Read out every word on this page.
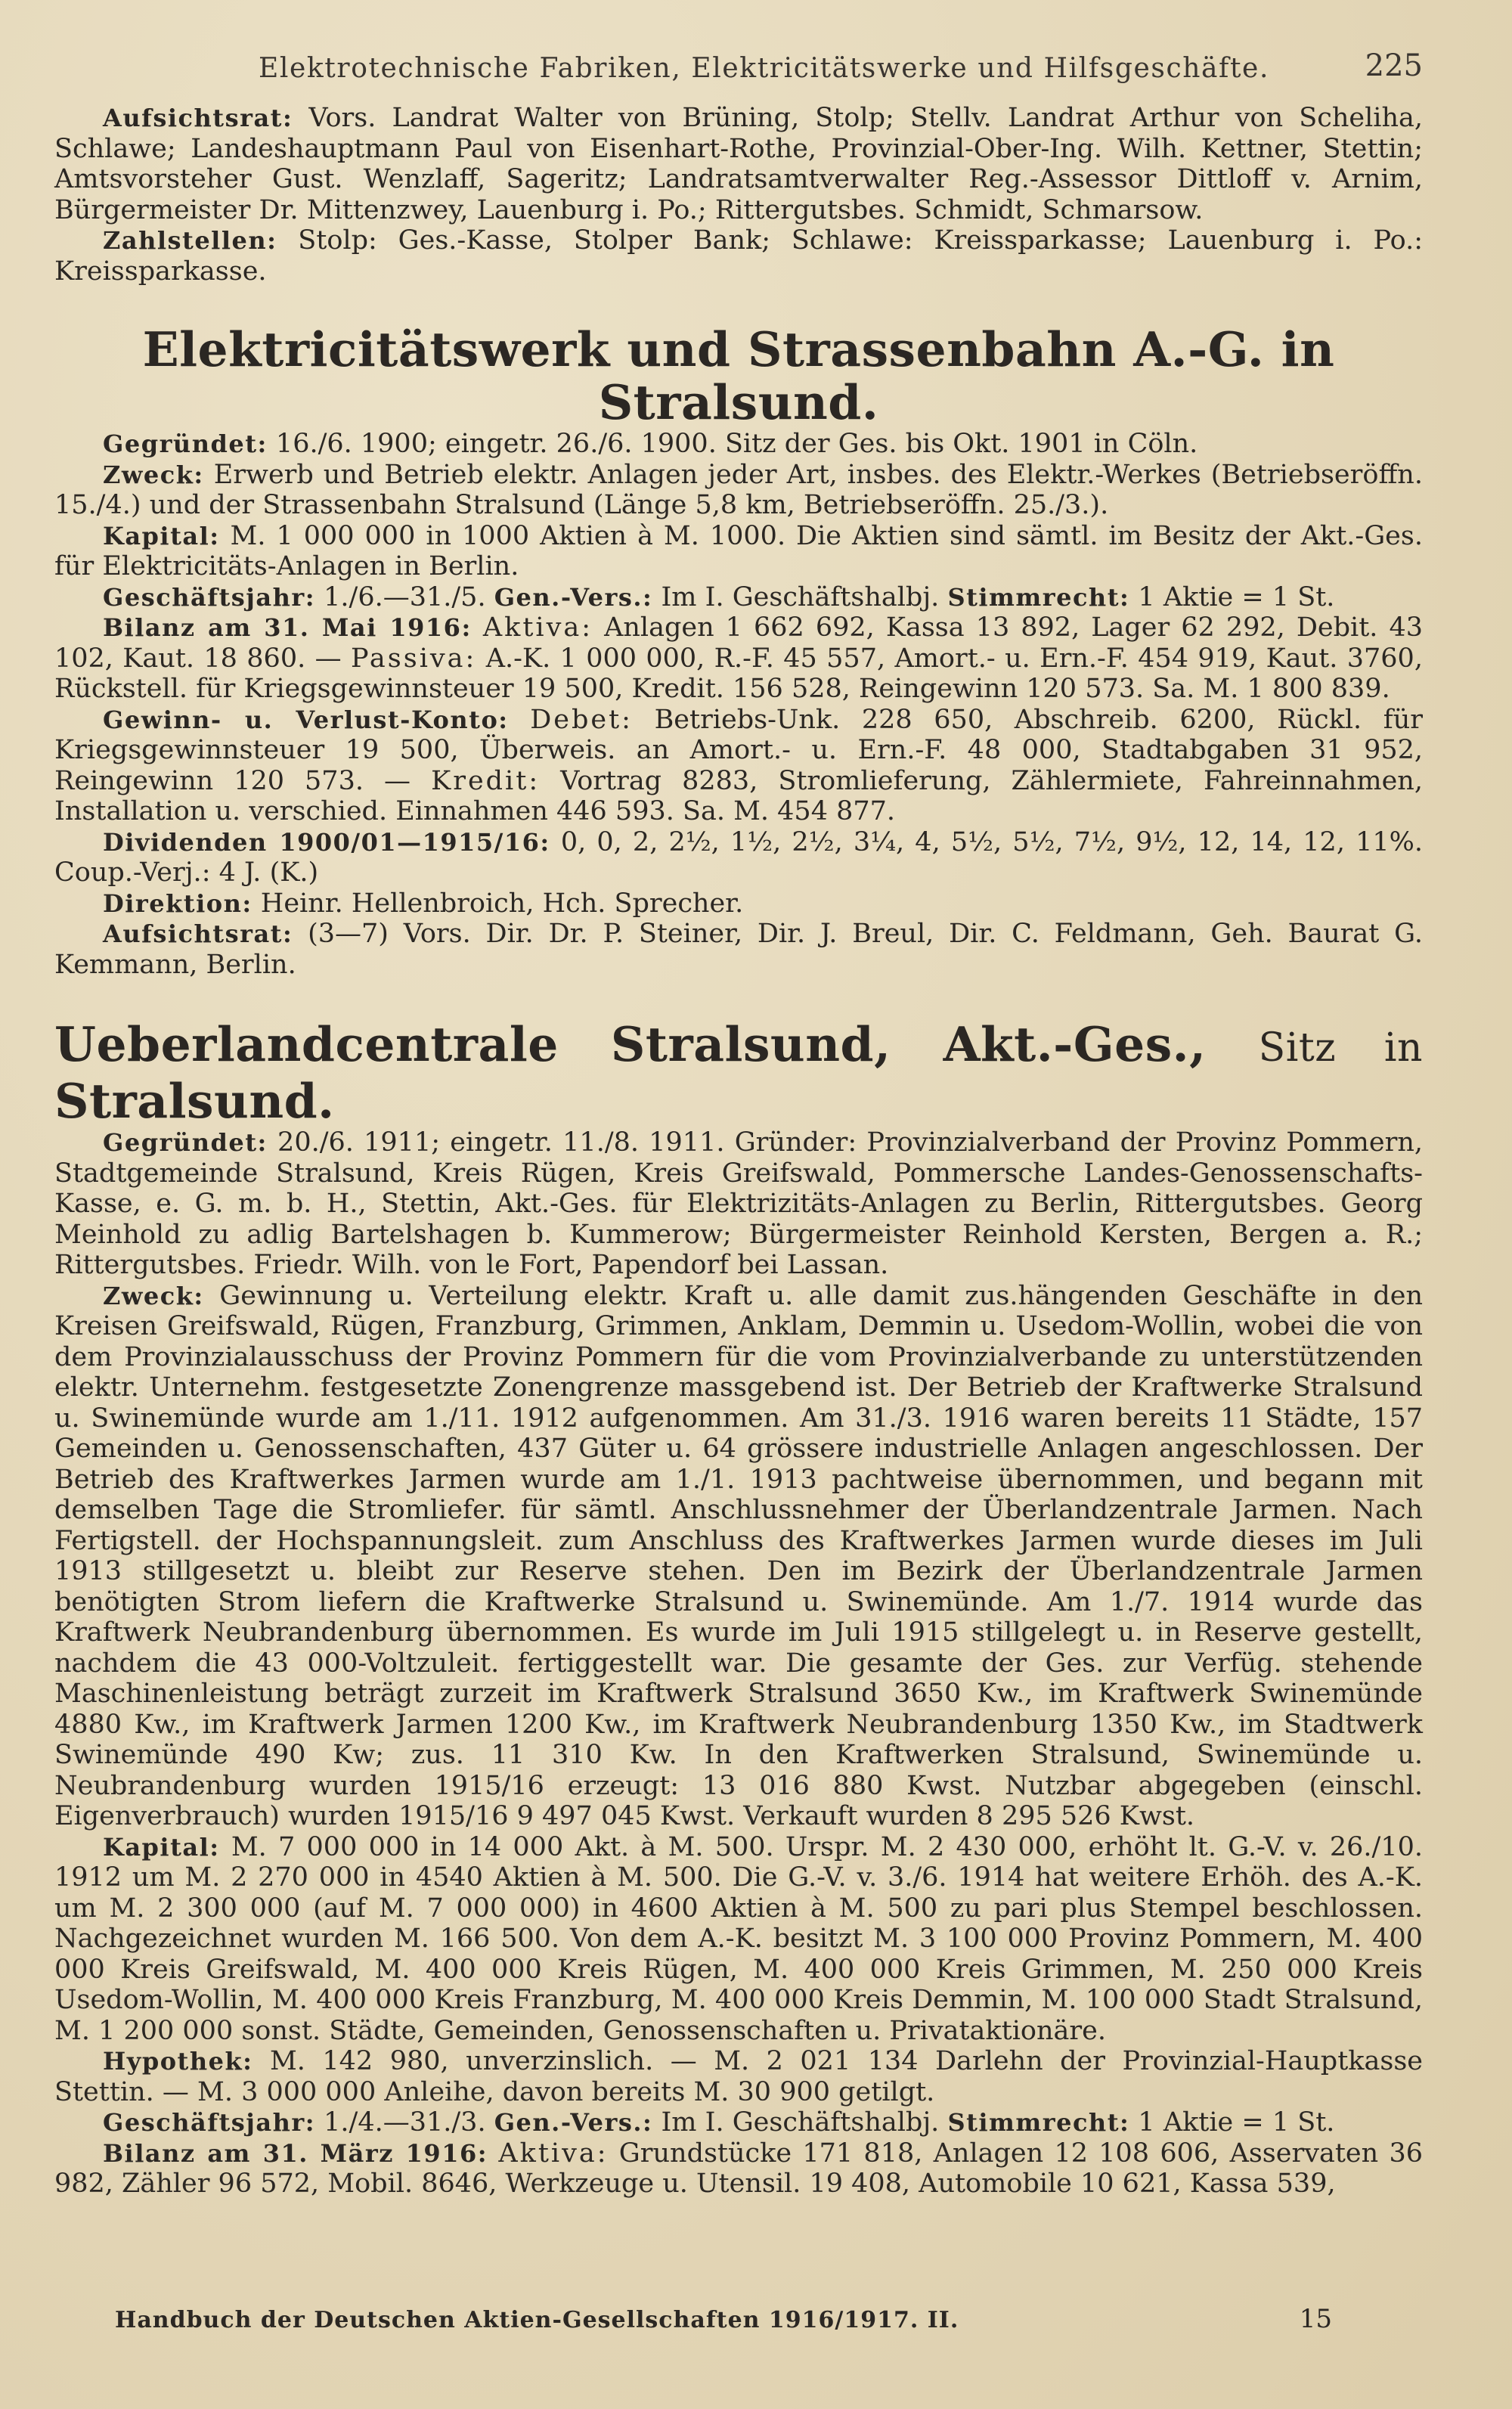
Elektrotechnische Fabriken, Elektricitätswerke und Hilfsgeschäfte.	225

Aufsichtsrat: Vors. Landrat Walter von Brüning, Stolp; Stellv. Landrat Arthur von Scheliha, Schlawe; Landeshauptmann Paul von Eisenhart-Rothe, Provinzial-Ober-Ing. Wilh. Kettner, Stettin; Amtsvorsteher Gust. Wenzlaff, Sageritz; Landratsamtverwalter Reg.-Assessor Dittloff v. Arnim, Bürgermeister Dr. Mittenzwey, Lauenburg i. Po.; Rittergutsbes. Schmidt, Schmarsow.

Zahlstellen: Stolp: Ges.-Kasse, Stolper Bank; Schlawe: Kreissparkasse; Lauenburg i. Po.: Kreissparkasse.

Elektricitätswerk und Strassenbahn A.-G. in Stralsund.

Gegründet: 16./6. 1900; eingetr. 26./6. 1900. Sitz der Ges. bis Okt. 1901 in Cöln.

Zweck: Erwerb und Betrieb elektr. Anlagen jeder Art, insbes. des Elektr.-Werkes (Betriebseröffn. 15./4.) und der Strassenbahn Stralsund (Länge 5,8 km, Betriebseröffn. 25./3.).

Kapital: M. 1 000 000 in 1000 Aktien à M. 1000. Die Aktien sind sämtl. im Besitz der Akt.-Ges. für Elektricitäts-Anlagen in Berlin.

Geschäftsjahr: 1./6.—31./5. Gen.-Vers.: Im I. Geschäftshalbj. Stimmrecht: 1 Aktie = 1 St.

Bilanz am 31. Mai 1916: Aktiva: Anlagen 1 662 692, Kassa 13 892, Lager 62 292, Debit. 43 102, Kaut. 18 860. — Passiva: A.-K. 1 000 000, R.-F. 45 557, Amort.- u. Ern.-F. 454 919, Kaut. 3760, Rückstell. für Kriegsgewinnsteuer 19 500, Kredit. 156 528, Reingewinn 120 573. Sa. M. 1 800 839.

Gewinn- u. Verlust-Konto: Debet: Betriebs-Unk. 228 650, Abschreib. 6200, Rückl. für Kriegsgewinnsteuer 19 500, Überweis. an Amort.- u. Ern.-F. 48 000, Stadtabgaben 31 952, Reingewinn 120 573. — Kredit: Vortrag 8283, Stromlieferung, Zählermiete, Fahreinnahmen, Installation u. verschied. Einnahmen 446 593. Sa. M. 454 877.

Dividenden 1900/01—1915/16: 0, 0, 2, 2½, 1½, 2½, 3¼, 4, 5½, 5½, 7½, 9½, 12, 14, 12, 11%. Coup.-Verj.: 4 J. (K.)

Direktion: Heinr. Hellenbroich, Hch. Sprecher.

Aufsichtsrat: (3—7) Vors. Dir. Dr. P. Steiner, Dir. J. Breul, Dir. C. Feldmann, Geh. Baurat G. Kemmann, Berlin.

Ueberlandcentrale Stralsund, Akt.-Ges., Sitz in Stralsund.

Gegründet: 20./6. 1911; eingetr. 11./8. 1911. Gründer: Provinzialverband der Provinz Pommern, Stadtgemeinde Stralsund, Kreis Rügen, Kreis Greifswald, Pommersche Landes-Genossenschafts-Kasse, e. G. m. b. H., Stettin, Akt.-Ges. für Elektrizitäts-Anlagen zu Berlin, Rittergutsbes. Georg Meinhold zu adlig Bartelshagen b. Kummerow; Bürgermeister Reinhold Kersten, Bergen a. R.; Rittergutsbes. Friedr. Wilh. von le Fort, Papendorf bei Lassan.

Zweck: Gewinnung u. Verteilung elektr. Kraft u. alle damit zus.hängenden Geschäfte in den Kreisen Greifswald, Rügen, Franzburg, Grimmen, Anklam, Demmin u. Usedom-Wollin, wobei die von dem Provinzialausschuss der Provinz Pommern für die vom Provinzialverbande zu unterstützenden elektr. Unternehm. festgesetzte Zonengrenze massgebend ist. Der Betrieb der Kraftwerke Stralsund u. Swinemünde wurde am 1./11. 1912 aufgenommen. Am 31./3. 1916 waren bereits 11 Städte, 157 Gemeinden u. Genossenschaften, 437 Güter u. 64 grössere industrielle Anlagen angeschlossen. Der Betrieb des Kraftwerkes Jarmen wurde am 1./1. 1913 pachtweise übernommen, und begann mit demselben Tage die Stromliefer. für sämtl. Anschlussnehmer der Überlandzentrale Jarmen. Nach Fertigstell. der Hochspannungsleit. zum Anschluss des Kraftwerkes Jarmen wurde dieses im Juli 1913 stillgesetzt u. bleibt zur Reserve stehen. Den im Bezirk der Überlandzentrale Jarmen benötigten Strom liefern die Kraftwerke Stralsund u. Swinemünde. Am 1./7. 1914 wurde das Kraftwerk Neubrandenburg übernommen. Es wurde im Juli 1915 stillgelegt u. in Reserve gestellt, nachdem die 43 000-Voltzuleit. fertiggestellt war. Die gesamte der Ges. zur Verfüg. stehende Maschinenleistung beträgt zurzeit im Kraftwerk Stralsund 3650 Kw., im Kraftwerk Swinemünde 4880 Kw., im Kraftwerk Jarmen 1200 Kw., im Kraftwerk Neubrandenburg 1350 Kw., im Stadtwerk Swinemünde 490 Kw; zus. 11 310 Kw. In den Kraftwerken Stralsund, Swinemünde u. Neubrandenburg wurden 1915/16 erzeugt: 13 016 880 Kwst. Nutzbar abgegeben (einschl. Eigenverbrauch) wurden 1915/16 9 497 045 Kwst. Verkauft wurden 8 295 526 Kwst.

Kapital: M. 7 000 000 in 14 000 Akt. à M. 500. Urspr. M. 2 430 000, erhöht lt. G.-V. v. 26./10. 1912 um M. 2 270 000 in 4540 Aktien à M. 500. Die G.-V. v. 3./6. 1914 hat weitere Erhöh. des A.-K. um M. 2 300 000 (auf M. 7 000 000) in 4600 Aktien à M. 500 zu pari plus Stempel beschlossen. Nachgezeichnet wurden M. 166 500. Von dem A.-K. besitzt M. 3 100 000 Provinz Pommern, M. 400 000 Kreis Greifswald, M. 400 000 Kreis Rügen, M. 400 000 Kreis Grimmen, M. 250 000 Kreis Usedom-Wollin, M. 400 000 Kreis Franzburg, M. 400 000 Kreis Demmin, M. 100 000 Stadt Stralsund, M. 1 200 000 sonst. Städte, Gemeinden, Genossenschaften u. Privataktionäre.

Hypothek: M. 142 980, unverzinslich. — M. 2 021 134 Darlehn der Provinzial-Hauptkasse Stettin. — M. 3 000 000 Anleihe, davon bereits M. 30 900 getilgt.

Geschäftsjahr: 1./4.—31./3. Gen.-Vers.: Im I. Geschäftshalbj. Stimmrecht: 1 Aktie = 1 St.

Bilanz am 31. März 1916: Aktiva: Grundstücke 171 818, Anlagen 12 108 606, Asservaten 36 982, Zähler 96 572, Mobil. 8646, Werkzeuge u. Utensil. 19 408, Automobile 10 621, Kassa 539,

Handbuch der Deutschen Aktien-Gesellschaften 1916/1917. II.	15
